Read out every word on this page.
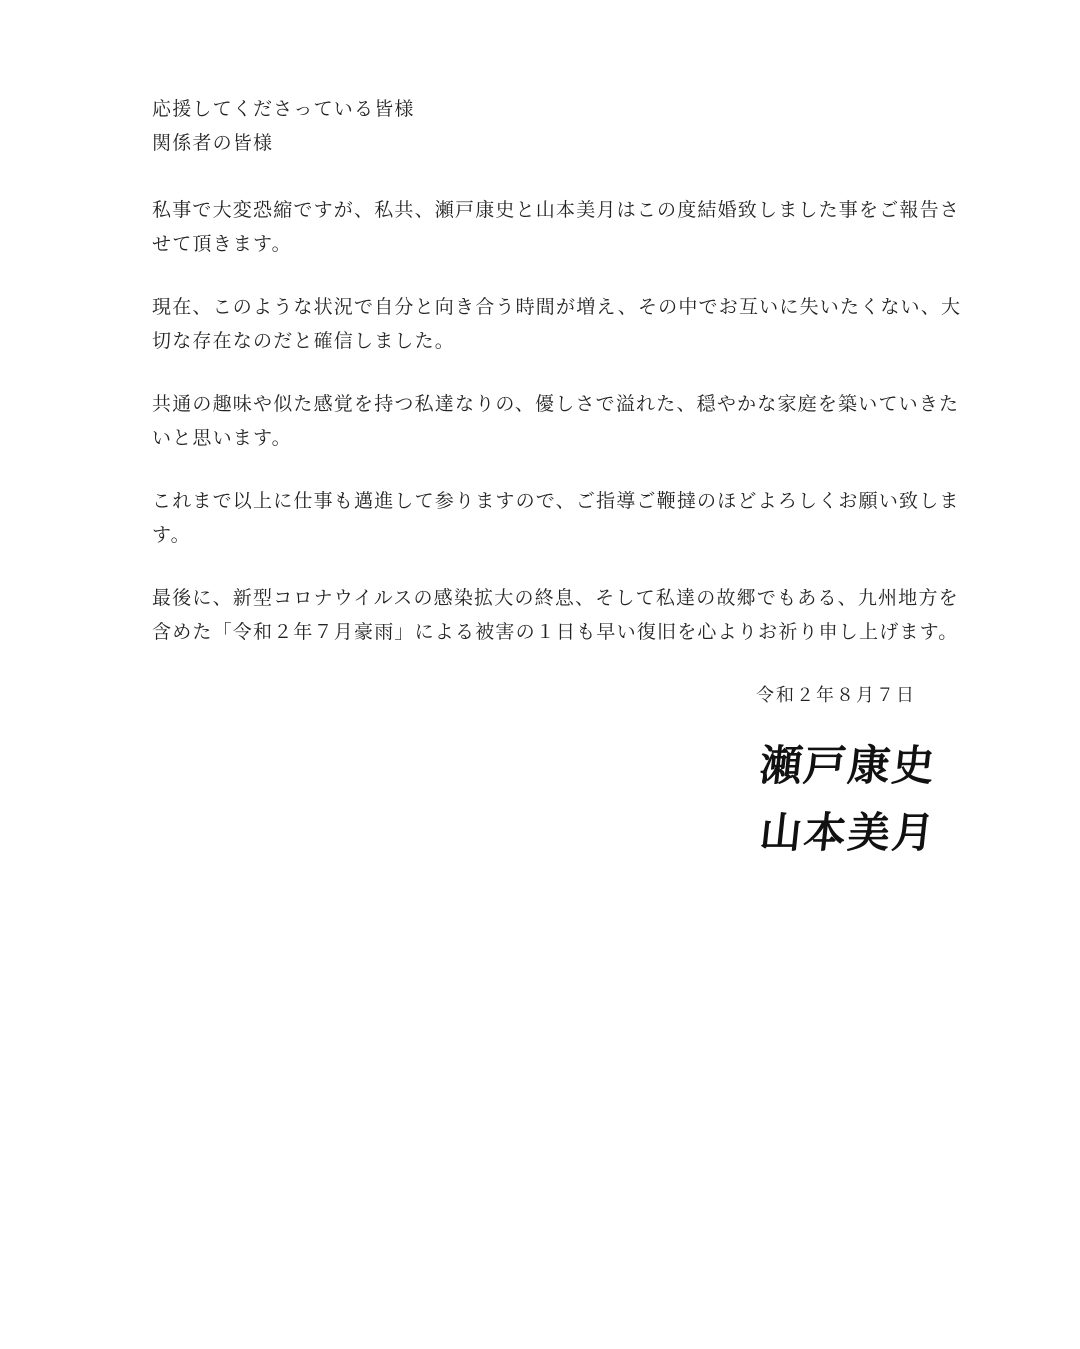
応援してくださっている皆様
関係者の皆様
私事で大変恐縮ですが、私共、瀬戸康史と山本美月はこの度結婚致しました事をご報告さ
せて頂きます。
現在、このような状況で自分と向き合う時間が増え、その中でお互いに失いたくない、大
切な存在なのだと確信しました。
共通の趣味や似た感覚を持つ私達なりの、優しさで溢れた、穏やかな家庭を築いていきた
いと思います。
これまで以上に仕事も邁進して参りますので、ご指導ご鞭撻のほどよろしくお願い致しま
す。
最後に、新型コロナウイルスの感染拡大の終息、そして私達の故郷でもある、九州地方を
含めた「令和２年７月豪雨」による被害の１日も早い復旧を心よりお祈り申し上げます。
令和２年８月７日
瀬戸康史
山本美月
